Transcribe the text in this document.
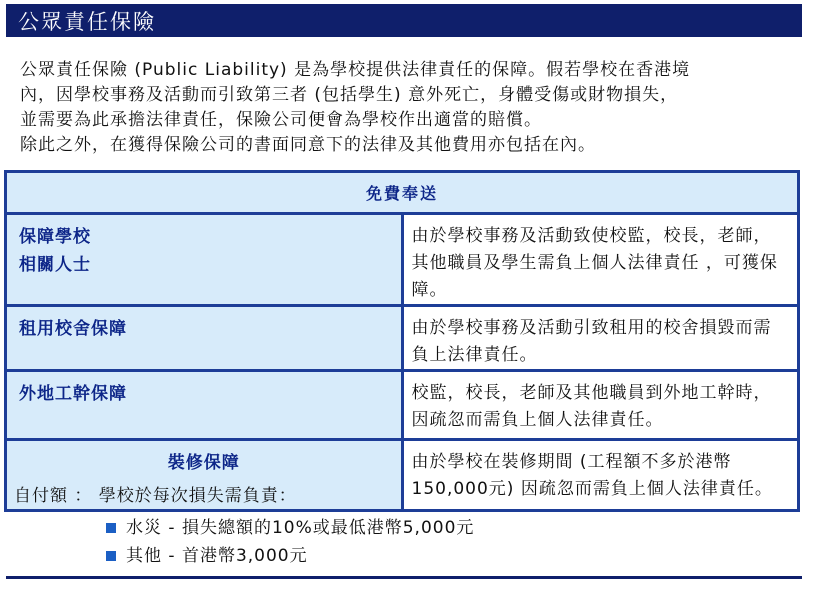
公眾責任保險

公眾責任保險 (Public Liability) 是為學校提供法律責任的保障。假若學校在香港境

內，因學校事務及活動而引致第三者 (包括學生) 意外死亡，身體受傷或財物損失，

並需要為此承擔法律責任，保險公司便會為學校作出適當的賠償。

除此之外，在獲得保險公司的書面同意下的法律及其他費用亦包括在內。

免費奉送	

保障學校
相關人士	由於學校事務及活動致使校監，校長，老師，其他職員及學生需負上個人法律責任 ，可獲保障。

租用校舍保障	由於學校事務及活動引致租用的校舍損毀而需負上法律責任。

外地工幹保障	校監，校長，老師及其他職員到外地工幹時，因疏忽而需負上個人法律責任。

裝修保障	由於學校在裝修期間 (工程額不多於港幣150,000元) 因疏忽而需負上個人法律責任。
自付額 ： 學校於每次損失需負責：
水災 - 損失總額的10%或最低港幣5,000元
其他 - 首港幣3,000元
